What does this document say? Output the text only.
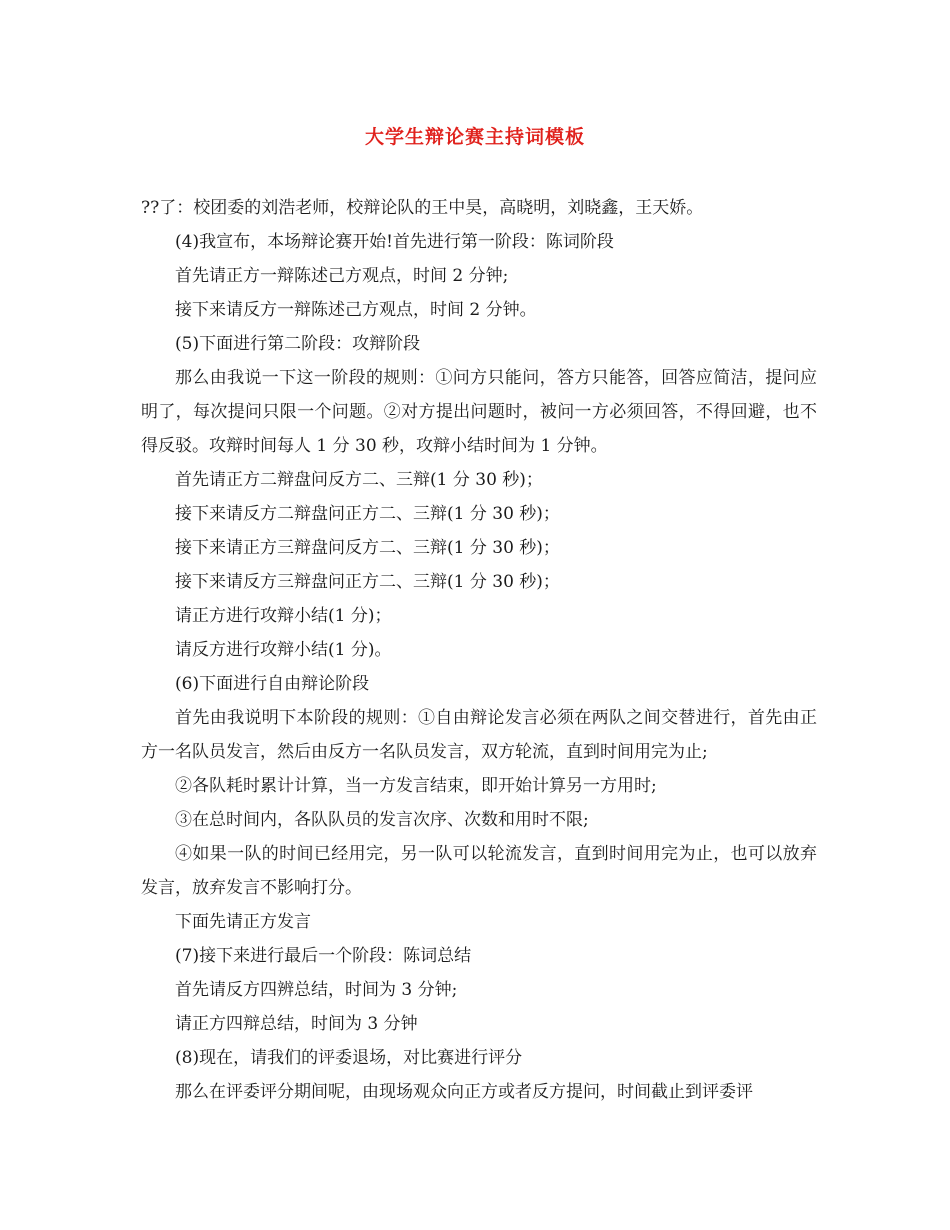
大学生辩论赛主持词模板

??了：校团委的刘浩老师，校辩论队的王中昊，高晓明，刘晓鑫，王天娇。

(4)我宣布，本场辩论赛开始!首先进行第一阶段：陈词阶段

首先请正方一辩陈述己方观点，时间 2 分钟;

接下来请反方一辩陈述己方观点，时间 2 分钟。

(5)下面进行第二阶段：攻辩阶段

那么由我说一下这一阶段的规则：①问方只能问，答方只能答，回答应简洁，提问应明了，每次提问只限一个问题。②对方提出问题时，被问一方必须回答，不得回避，也不得反驳。攻辩时间每人 1 分 30 秒，攻辩小结时间为 1 分钟。

首先请正方二辩盘问反方二、三辩(1 分 30 秒)；

接下来请反方二辩盘问正方二、三辩(1 分 30 秒)；

接下来请正方三辩盘问反方二、三辩(1 分 30 秒)；

接下来请反方三辩盘问正方二、三辩(1 分 30 秒)；

请正方进行攻辩小结(1 分)；

请反方进行攻辩小结(1 分)。

(6)下面进行自由辩论阶段

首先由我说明下本阶段的规则：①自由辩论发言必须在两队之间交替进行，首先由正方一名队员发言，然后由反方一名队员发言，双方轮流，直到时间用完为止;

②各队耗时累计计算，当一方发言结束，即开始计算另一方用时;

③在总时间内，各队队员的发言次序、次数和用时不限;

④如果一队的时间已经用完，另一队可以轮流发言，直到时间用完为止，也可以放弃发言，放弃发言不影响打分。

下面先请正方发言

(7)接下来进行最后一个阶段：陈词总结

首先请反方四辨总结，时间为 3 分钟;

请正方四辩总结，时间为 3 分钟

(8)现在，请我们的评委退场，对比赛进行评分

那么在评委评分期间呢，由现场观众向正方或者反方提问，时间截止到评委评
